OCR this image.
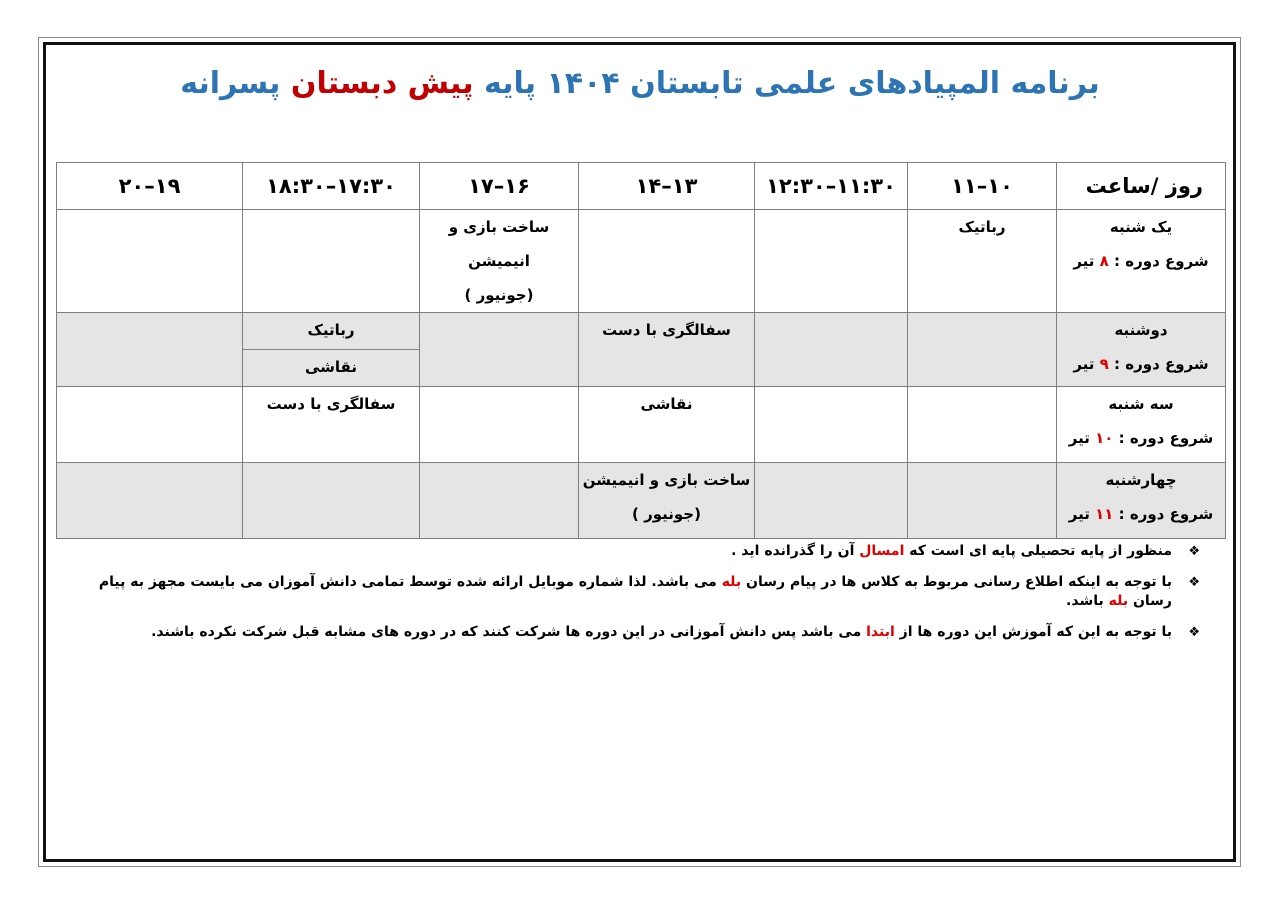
برنامه المپیادهای علمی تابستان ۱۴۰۴ پایه پیش دبستان پسرانه
روز /ساعت	۱۰–۱۱	۱۱:۳۰–۱۲:۳۰	۱۳–۱۴	۱۶–۱۷	۱۷:۳۰–۱۸:۳۰	۱۹–۲۰

یک شنبه
شروع دوره : ۸ تیر	رباتیک			ساخت بازی و انیمیشن
(جونیور )		

دوشنبه
شروع دوره : ۹ تیر			سفالگری با دست		رباتیک	
					نقاشی	

سه شنبه
شروع دوره : ۱۰ تیر			نقاشی		سفالگری با دست	

چهارشنبه
شروع دوره : ۱۱ تیر			ساخت بازی و انیمیشن
(جونیور )			

❖
منظور از پایه تحصیلی پایه ای است که امسال آن را گذرانده اید .
❖
با توجه به اینکه اطلاع رسانی مربوط به کلاس ها در پیام رسان بله می باشد. لذا شماره موبایل ارائه شده توسط تمامی دانش آموزان می بایست مجهز به پیام رسان بله باشد.
❖
با توجه به این که آموزش این دوره ها از ابتدا می باشد پس دانش آموزانی در این دوره ها شرکت کنند که در دوره های مشابه قبل شرکت نکرده باشند.
